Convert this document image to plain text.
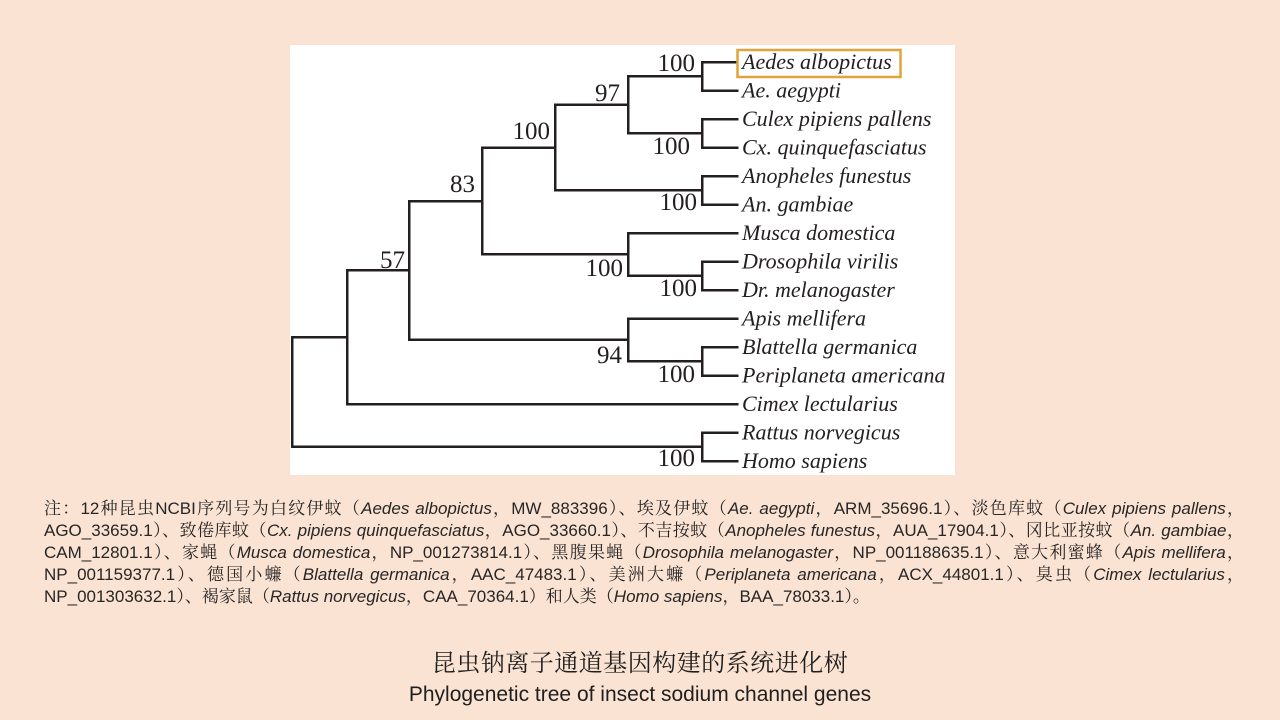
Aedes albopictus
Ae. aegypti
Culex pipiens pallens
Cx. quinquefasciatus
Anopheles funestus
An. gambiae
Musca domestica
Drosophila virilis
Dr. melanogaster
Apis mellifera
Blattella germanica
Periplaneta americana
Cimex lectularius
Rattus norvegicus
Homo sapiens
100
97
100
100
100
83
100
100
57
94
100
100

注：12种昆虫NCBI序列号为白纹伊蚊（Aedes albopictus，MW_883396）、埃及伊蚊（Ae. aegypti，ARM_35696.1）、淡色库蚊（Culex pipiens pallens，AGO_33659.1）、致倦库蚊（Cx. pipiens quinquefasciatus，AGO_33660.1）、不吉按蚊（Anopheles funestus，AUA_17904.1）、冈比亚按蚊（An. gambiae，CAM_12801.1）、家蝇（Musca domestica，NP_001273814.1）、黑腹果蝇（Drosophila melanogaster，NP_001188635.1）、意大利蜜蜂（Apis mellifera，NP_001159377.1）、德国小蠊（Blattella germanica，AAC_47483.1）、美洲大蠊（Periplaneta americana，ACX_44801.1）、臭虫（Cimex lectularius，NP_001303632.1）、褐家鼠（Rattus norvegicus，CAA_70364.1）和人类（Homo sapiens，BAA_78033.1）。

昆虫钠离子通道基因构建的系统进化树
Phylogenetic tree of insect sodium channel genes
